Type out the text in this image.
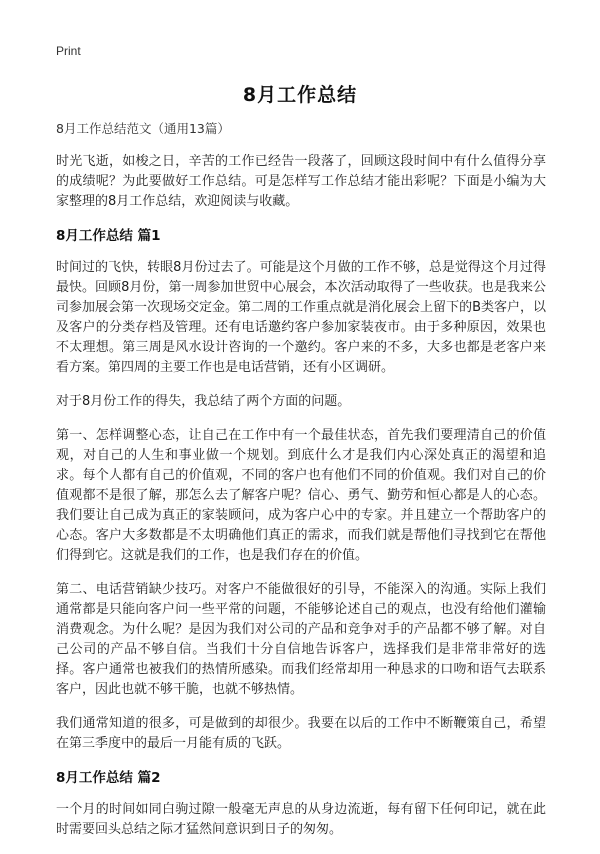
Print
8月工作总结
8月工作总结范文（通用13篇）

时光飞逝，如梭之日，辛苦的工作已经告一段落了，回顾这段时间中有什么值得分享的成绩呢？为此要做好工作总结。可是怎样写工作总结才能出彩呢？下面是小编为大家整理的8月工作总结，欢迎阅读与收藏。

8月工作总结 篇1

时间过的飞快，转眼8月份过去了。可能是这个月做的工作不够，总是觉得这个月过得最快。回顾8月份，第一周参加世贸中心展会，本次活动取得了一些收获。也是我来公司参加展会第一次现场交定金。第二周的工作重点就是消化展会上留下的B类客户，以及客户的分类存档及管理。还有电话邀约客户参加家装夜市。由于多种原因，效果也不太理想。第三周是风水设计咨询的一个邀约。客户来的不多，大多也都是老客户来看方案。第四周的主要工作也是电话营销，还有小区调研。

对于8月份工作的得失，我总结了两个方面的问题。

第一、怎样调整心态，让自己在工作中有一个最佳状态，首先我们要理清自己的价值观，对自己的人生和事业做一个规划。到底什么才是我们内心深处真正的渴望和追求。每个人都有自己的价值观，不同的客户也有他们不同的价值观。我们对自己的价值观都不是很了解，那怎么去了解客户呢？信心、勇气、勤劳和恒心都是人的心态。我们要让自己成为真正的家装顾问，成为客户心中的专家。并且建立一个帮助客户的心态。客户大多数都是不太明确他们真正的需求，而我们就是帮他们寻找到它在帮他们得到它。这就是我们的工作，也是我们存在的价值。

第二、电话营销缺少技巧。对客户不能做很好的引导，不能深入的沟通。实际上我们通常都是只能向客户问一些平常的问题，不能够论述自己的观点，也没有给他们灌输消费观念。为什么呢？是因为我们对公司的产品和竞争对手的产品都不够了解。对自己公司的产品不够自信。当我们十分自信地告诉客户，选择我们是非常非常好的选择。客户通常也被我们的热情所感染。而我们经常却用一种恳求的口吻和语气去联系客户，因此也就不够干脆，也就不够热情。

我们通常知道的很多，可是做到的却很少。我要在以后的工作中不断鞭策自己，希望在第三季度中的最后一月能有质的飞跃。

8月工作总结 篇2

一个月的时间如同白驹过隙一般毫无声息的从身边流逝，每有留下任何印记，就在此时需要回头总结之际才猛然间意识到日子的匆匆。
